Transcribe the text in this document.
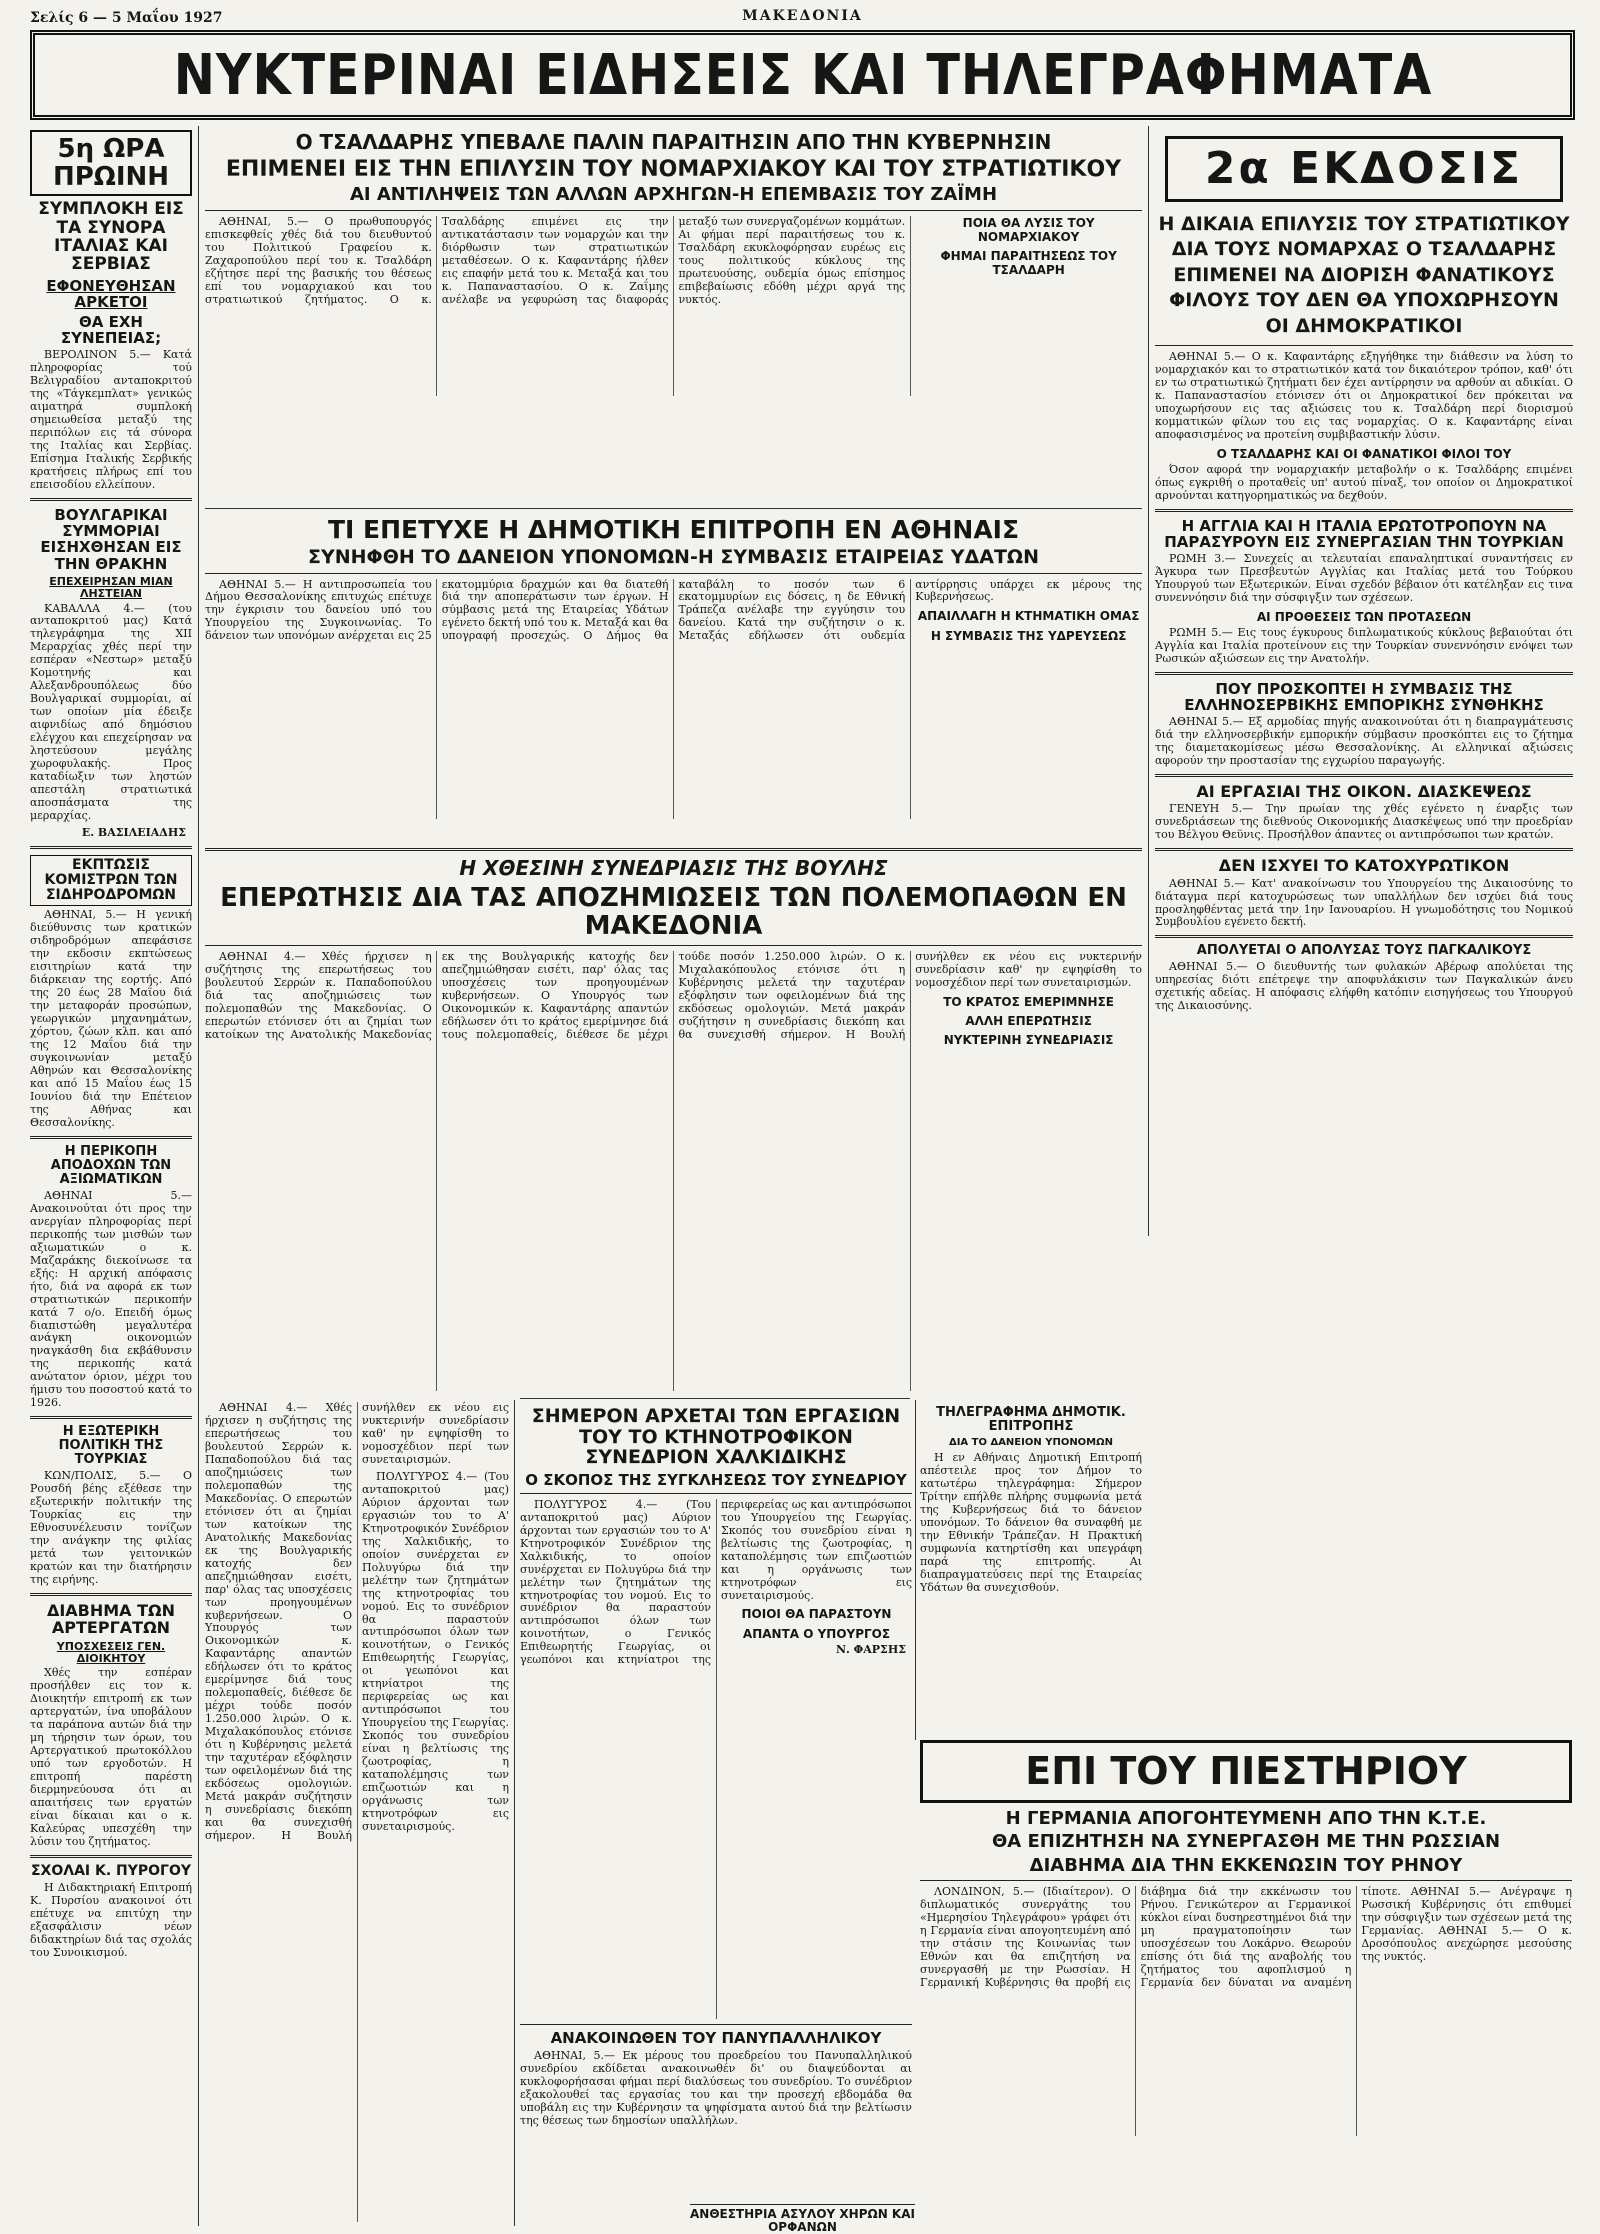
Σελίς 6 — 5 Μαΐου 1927	ΜΑΚΕΔΟΝΙΑ
ΝΥΚΤΕΡΙΝΑΙ ΕΙΔΗΣΕΙΣ ΚΑΙ ΤΗΛΕΓΡΑΦΗΜΑΤΑ
5η ΩΡΑ ΠΡΩΙΝΗ
ΣΥΜΠΛΟΚΗ ΕΙΣ ΤΑ ΣΥΝΟΡΑ ΙΤΑΛΙΑΣ ΚΑΙ ΣΕΡΒΙΑΣ
ΕΦΟΝΕΥΘΗΣΑΝ ΑΡΚΕΤΟΙ
ΘΑ ΕΧΗ ΣΥΝΕΠΕΙΑΣ;

ΒΕΡΟΛΙΝΟΝ 5.— Κατά πληροφορίας τού Βελιγραδίου ανταποκριτού της «Τάγκεμπλατ» γενικώς αιματηρά συμπλοκή σημειωθείσα μεταξύ της περιπόλων εις τά σύνορα της Ιταλίας και Σερβίας. Επίσημα Ιταλικής Σερβικής κρατήσεις πλήρως επί του επεισοδίου ελλείπουν.

ΒΟΥΛΓΑΡΙΚΑΙ ΣΥΜΜΟΡΙΑΙ ΕΙΣΗΧΘΗΣΑΝ ΕΙΣ ΤΗΝ ΘΡΑΚΗΝ
ΕΠΕΧΕΙΡΗΣΑΝ ΜΙΑΝ ΛΗΣΤΕΙΑΝ

ΚΑΒΑΛΛΑ 4.— (του ανταποκριτού μας) Κατά τηλεγράφημα της ΧΙΙ Μεραρχίας χθές περί την εσπέραν «Νεστωρ» μεταξύ Κομοτηνής και Αλεξανδρουπόλεως δύο Βουλγαρικαί συμμορίαι, αί των οποίων μία έδειξε αιφνιδίως από δημόσιου ελέγχου και επεχείρησαν να ληστεύσουν μεγάλης χωροφυλακής. Προς καταδίωξιν των ληστών απεστάλη στρατιωτικά αποσπάσματα της μεραρχίας.

Ε. ΒΑΣΙΛΕΙΑΔΗΣ
ΕΚΠΤΩΣΙΣ ΚΟΜΙΣΤΡΩΝ ΤΩΝ ΣΙΔΗΡΟΔΡΟΜΩΝ

ΑΘΗΝΑΙ, 5.— Η γενική διεύθυνσις των κρατικών σιδηροδρόμων απεφάσισε την εκδοσιν εκπτώσεως εισιτηρίων κατά την διάρκειαν της εορτής. Από της 20 έως 28 Μαΐου διά την μεταφοράν προσώπων, γεωργικών μηχανημάτων, χόρτου, ζώων κλπ. και από της 12 Μαΐου διά την συγκοινωνίαν μεταξύ Αθηνών και Θεσσαλονίκης και από 15 Μαΐου έως 15 Ιουνίου διά την Επέτειον της Αθήνας και Θεσσαλονίκης.

Η ΠΕΡΙΚΟΠΗ ΑΠΟΔΟΧΩΝ ΤΩΝ ΑΞΙΩΜΑΤΙΚΩΝ

ΑΘΗΝΑΙ 5.— Ανακοινούται ότι προς την ανεργίαν πληροφορίας περί περικοπής των μισθών των αξιωματικών ο κ. Μαζαράκης διεκοίνωσε τα εξής: Η αρχική απόφασις ήτο, διά να αφορά εκ των στρατιωτικών περικοπήν κατά 7 ο/ο. Επειδή όμως διαπιστώθη μεγαλυτέρα ανάγκη οικονομιών ηναγκάσθη δια εκβάθυνσιν της περικοπής κατά ανώτατον όριον, μέχρι του ήμισυ του ποσοστού κατά το 1926.

Η ΕΞΩΤΕΡΙΚΗ ΠΟΛΙΤΙΚΗ ΤΗΣ ΤΟΥΡΚΙΑΣ

ΚΩΝ/ΠΟΛΙΣ, 5.— Ο Ρουσδή βέης εξέθεσε την εξωτερικήν πολιτικήν της Τουρκίας εις την Εθνοσυνέλευσιν τονίζων την ανάγκην της φιλίας μετά των γειτονικών κρατών και την διατήρησιν της ειρήνης.

ΔΙΑΒΗΜΑ ΤΩΝ ΑΡΤΕΡΓΑΤΩΝ
ΥΠΟΣΧΕΣΕΙΣ ΓΕΝ. ΔΙΟΙΚΗΤΟΥ

Χθές την εσπέραν προσήλθεν εις τον κ. Διοικητήν επιτροπή εκ των αρτεργατών, ίνα υποβάλουν τα παράπονα αυτών διά την μη τήρησιν των όρων, του Αρτεργατικού πρωτοκόλλου υπό των εργοδοτών. Η επιτροπή παρέστη διερμηνεύουσα ότι αι απαιτήσεις των εργατών είναι δίκαιαι και ο κ. Καλεύρας υπεσχέθη την λύσιν του ζητήματος.

ΣΧΟΛΑΙ Κ. ΠΥΡΟΓΟΥ

Η Διδακτηριακή Επιτροπή Κ. Πυρσίου ανακοινοί ότι επέτυχε να επιτύχη την εξασφάλισιν νέων διδακτηρίων διά τας σχολάς του Συνοικισμού.

Ο ΤΣΑΛΔΑΡΗΣ ΥΠΕΒΑΛΕ ΠΑΛΙΝ ΠΑΡΑΙΤΗΣΙΝ ΑΠΟ ΤΗΝ ΚΥΒΕΡΝΗΣΙΝ
ΕΠΙΜΕΝΕΙ ΕΙΣ ΤΗΝ ΕΠΙΛΥΣΙΝ ΤΟΥ ΝΟΜΑΡΧΙΑΚΟΥ ΚΑΙ ΤΟΥ ΣΤΡΑΤΙΩΤΙΚΟΥ
ΑΙ ΑΝΤΙΛΗΨΕΙΣ ΤΩΝ ΑΛΛΩΝ ΑΡΧΗΓΩΝ-Η ΕΠΕΜΒΑΣΙΣ ΤΟΥ ΖΑΪΜΗ

ΑΘΗΝΑΙ, 5.— Ο πρωθυπουργός επισκεφθείς χθές διά του διευθυντού του Πολιτικού Γραφείου κ. Ζαχαροπούλου περί του κ. Τσαλδάρη εζήτησε περί της βασικής του θέσεως επί του νομαρχιακού και του στρατιωτικού ζητήματος. Ο κ. Τσαλδάρης επιμένει εις την αντικατάστασιν των νομαρχών και την διόρθωσιν των στρατιωτικών μεταθέσεων. Ο κ. Καφαντάρης ήλθεν εις επαφήν μετά του κ. Μεταξά και του κ. Παπαναστασίου. Ο κ. Ζαΐμης ανέλαβε να γεφυρώση τας διαφοράς μεταξύ των συνεργαζομένων κομμάτων. Αι φήμαι περί παραιτήσεως του κ. Τσαλδάρη εκυκλοφόρησαν ευρέως εις τους πολιτικούς κύκλους της πρωτευούσης, ουδεμία όμως επίσημος επιβεβαίωσις εδόθη μέχρι αργά της νυκτός.

ΠΟΙΑ ΘΑ ΛΥΣΙΣ ΤΟΥ ΝΟΜΑΡΧΙΑΚΟΥ
ΦΗΜΑΙ ΠΑΡΑΙΤΗΣΕΩΣ ΤΟΥ ΤΣΑΛΔΑΡΗ
ΤΙ ΕΠΕΤΥΧΕ Η ΔΗΜΟΤΙΚΗ ΕΠΙΤΡΟΠΗ ΕΝ ΑΘΗΝΑΙΣ
ΣΥΝΗΦΘΗ ΤΟ ΔΑΝΕΙΟΝ ΥΠΟΝΟΜΩΝ-Η ΣΥΜΒΑΣΙΣ ΕΤΑΙΡΕΙΑΣ ΥΔΑΤΩΝ

ΑΘΗΝΑΙ 5.— Η αντιπροσωπεία του Δήμου Θεσσαλονίκης επιτυχώς επέτυχε την έγκρισιν του δανείου υπό του Υπουργείου της Συγκοινωνίας. Το δάνειον των υπονόμων ανέρχεται εις 25 εκατομμύρια δραχμών και θα διατεθή διά την αποπεράτωσιν των έργων. Η σύμβασις μετά της Εταιρείας Υδάτων εγένετο δεκτή υπό του κ. Μεταξά και θα υπογραφή προσεχώς. Ο Δήμος θα καταβάλη το ποσόν των 6 εκατομμυρίων εις δόσεις, η δε Εθνική Τράπεζα ανέλαβε την εγγύησιν του δανείου. Κατά την συζήτησιν ο κ. Μεταξάς εδήλωσεν ότι ουδεμία αντίρρησις υπάρχει εκ μέρους της Κυβερνήσεως.

ΑΠΑΙΛΛΑΓΗ Η ΚΤΗΜΑΤΙΚΗ ΟΜΑΣ
Η ΣΥΜΒΑΣΙΣ ΤΗΣ ΥΔΡΕΥΣΕΩΣ
Η ΧΘΕΣΙΝΗ ΣΥΝΕΔΡΙΑΣΙΣ ΤΗΣ ΒΟΥΛΗΣ
ΕΠΕΡΩΤΗΣΙΣ ΔΙΑ ΤΑΣ ΑΠΟΖΗΜΙΩΣΕΙΣ ΤΩΝ ΠΟΛΕΜΟΠΑΘΩΝ ΕΝ ΜΑΚΕΔΟΝΙΑ

ΑΘΗΝΑΙ 4.— Χθές ήρχισεν η συζήτησις της επερωτήσεως του βουλευτού Σερρών κ. Παπαδοπούλου διά τας αποζημιώσεις των πολεμοπαθών της Μακεδονίας. Ο επερωτών ετόνισεν ότι αι ζημίαι των κατοίκων της Ανατολικής Μακεδονίας εκ της Βουλγαρικής κατοχής δεν απεζημιώθησαν εισέτι, παρ' όλας τας υποσχέσεις των προηγουμένων κυβερνήσεων. Ο Υπουργός των Οικονομικών κ. Καφαντάρης απαντών εδήλωσεν ότι το κράτος εμερίμνησε διά τους πολεμοπαθείς, διέθεσε δε μέχρι τούδε ποσόν 1.250.000 λιρών. Ο κ. Μιχαλακόπουλος ετόνισε ότι η Κυβέρνησις μελετά την ταχυτέραν εξόφλησιν των οφειλομένων διά της εκδόσεως ομολογιών. Μετά μακράν συζήτησιν η συνεδρίασις διεκόπη και θα συνεχισθή σήμερον. Η Βουλή συνήλθεν εκ νέου εις νυκτερινήν συνεδρίασιν καθ' ην εψηφίσθη το νομοσχέδιον περί των συνεταιρισμών.

ΤΟ ΚΡΑΤΟΣ ΕΜΕΡΙΜΝΗΣΕ
ΑΛΛΗ ΕΠΕΡΩΤΗΣΙΣ
ΝΥΚΤΕΡΙΝΗ ΣΥΝΕΔΡΙΑΣΙΣ
ΣΗΜΕΡΟΝ ΑΡΧΕΤΑΙ ΤΩΝ ΕΡΓΑΣΙΩΝ ΤΟΥ ΤΟ ΚΤΗΝΟΤΡΟΦΙΚΟΝ ΣΥΝΕΔΡΙΟΝ ΧΑΛΚΙΔΙΚΗΣ
Ο ΣΚΟΠΟΣ ΤΗΣ ΣΥΓΚΛΗΣΕΩΣ ΤΟΥ ΣΥΝΕΔΡΙΟΥ

ΠΟΛΥΓΥΡΟΣ 4.— (Του ανταποκριτού μας) Αύριον άρχονται των εργασιών του το Α' Κτηνοτροφικόν Συνέδριον της Χαλκιδικής, το οποίον συνέρχεται εν Πολυγύρω διά την μελέτην των ζητημάτων της κτηνοτροφίας του νομού. Εις το συνέδριον θα παραστούν αντιπρόσωποι όλων των κοινοτήτων, ο Γενικός Επιθεωρητής Γεωργίας, οι γεωπόνοι και κτηνίατροι της περιφερείας ως και αντιπρόσωποι του Υπουργείου της Γεωργίας. Σκοπός του συνεδρίου είναι η βελτίωσις της ζωοτροφίας, η καταπολέμησις των επιζωοτιών και η οργάνωσις των κτηνοτρόφων εις συνεταιρισμούς.

ΠΟΙΟΙ ΘΑ ΠΑΡΑΣΤΟΥΝ
ΑΠΑΝΤΑ Ο ΥΠΟΥΡΓΟΣ
Ν. ΦΑΡΣΗΣ
ΑΝΑΚΟΙΝΩΘΕΝ ΤΟΥ ΠΑΝΥΠΑΛΛΗΛΙΚΟΥ

ΑΘΗΝΑΙ, 5.— Εκ μέρους του προεδρείου του Πανυπαλληλικού συνεδρίου εκδίδεται ανακοινωθέν δι' ου διαψεύδονται αι κυκλοφορήσασαι φήμαι περί διαλύσεως του συνεδρίου. Το συνέδριον εξακολουθεί τας εργασίας του και την προσεχή εβδομάδα θα υποβάλη εις την Κυβέρνησιν τα ψηφίσματα αυτού διά την βελτίωσιν της θέσεως των δημοσίων υπαλλήλων.

ΤΗΛΕΓΡΑΦΗΜΑ ΔΗΜΟΤΙΚ. ΕΠΙΤΡΟΠΗΣ
ΔΙΑ ΤΟ ΔΑΝΕΙΟΝ ΥΠΟΝΟΜΩΝ

Η εν Αθήναις Δημοτική Επιτροπή απέστειλε προς τον Δήμον το κατωτέρω τηλεγράφημα: Σήμερον Τρίτην επήλθε πλήρης συμφωνία μετά της Κυβερνήσεως διά το δάνειον υπονόμων. Το δάνειον θα συναφθή με την Εθνικήν Τράπεζαν. Η Πρακτική συμφωνία κατηρτίσθη και υπεγράφη παρά της επιτροπής. Αι διαπραγματεύσεις περί της Εταιρείας Υδάτων θα συνεχισθούν.

ΑΘΗΝΑΙ 4.— Χθές ήρχισεν η συζήτησις της επερωτήσεως του βουλευτού Σερρών κ. Παπαδοπούλου διά τας αποζημιώσεις των πολεμοπαθών της Μακεδονίας. Ο επερωτών ετόνισεν ότι αι ζημίαι των κατοίκων της Ανατολικής Μακεδονίας εκ της Βουλγαρικής κατοχής δεν απεζημιώθησαν εισέτι, παρ' όλας τας υποσχέσεις των προηγουμένων κυβερνήσεων. Ο Υπουργός των Οικονομικών κ. Καφαντάρης απαντών εδήλωσεν ότι το κράτος εμερίμνησε διά τους πολεμοπαθείς, διέθεσε δε μέχρι τούδε ποσόν 1.250.000 λιρών. Ο κ. Μιχαλακόπουλος ετόνισε ότι η Κυβέρνησις μελετά την ταχυτέραν εξόφλησιν των οφειλομένων διά της εκδόσεως ομολογιών. Μετά μακράν συζήτησιν η συνεδρίασις διεκόπη και θα συνεχισθή σήμερον. Η Βουλή συνήλθεν εκ νέου εις νυκτερινήν συνεδρίασιν καθ' ην εψηφίσθη το νομοσχέδιον περί των συνεταιρισμών.

ΠΟΛΥΓΥΡΟΣ 4.— (Του ανταποκριτού μας) Αύριον άρχονται των εργασιών του το Α' Κτηνοτροφικόν Συνέδριον της Χαλκιδικής, το οποίον συνέρχεται εν Πολυγύρω διά την μελέτην των ζητημάτων της κτηνοτροφίας του νομού. Εις το συνέδριον θα παραστούν αντιπρόσωποι όλων των κοινοτήτων, ο Γενικός Επιθεωρητής Γεωργίας, οι γεωπόνοι και κτηνίατροι της περιφερείας ως και αντιπρόσωποι του Υπουργείου της Γεωργίας. Σκοπός του συνεδρίου είναι η βελτίωσις της ζωοτροφίας, η καταπολέμησις των επιζωοτιών και η οργάνωσις των κτηνοτρόφων εις συνεταιρισμούς.

2α ΕΚΔΟΣΙΣ
Η ΔΙΚΑΙΑ ΕΠΙΛΥΣΙΣ ΤΟΥ ΣΤΡΑΤΙΩΤΙΚΟΥ ΔΙΑ ΤΟΥΣ ΝΟΜΑΡΧΑΣ Ο ΤΣΑΛΔΑΡΗΣ ΕΠΙΜΕΝΕΙ ΝΑ ΔΙΟΡΙΣΗ ΦΑΝΑΤΙΚΟΥΣ ΦΙΛΟΥΣ ΤΟΥ ΔΕΝ ΘΑ ΥΠΟΧΩΡΗΣΟΥΝ ΟΙ ΔΗΜΟΚΡΑΤΙΚΟΙ

ΑΘΗΝΑΙ 5.— Ο κ. Καφαντάρης εξηγήθηκε την διάθεσιν να λύση το νομαρχιακόν και το στρατιωτικόν κατά τον δικαιότερον τρόπον, καθ' ότι εν τω στρατιωτικώ ζητήματι δεν έχει αντίρρησιν να αρθούν αι αδικίαι. Ο κ. Παπαναστασίου ετόνισεν ότι οι Δημοκρατικοί δεν πρόκειται να υποχωρήσουν εις τας αξιώσεις του κ. Τσαλδάρη περί διορισμού κομματικών φίλων του εις τας νομαρχίας. Ο κ. Καφαντάρης είναι αποφασισμένος να προτείνη συμβιβαστικήν λύσιν.

Ο ΤΣΑΛΔΑΡΗΣ ΚΑΙ ΟΙ ΦΑΝΑΤΙΚΟΙ ΦΙΛΟΙ ΤΟΥ

Όσον αφορά την νομαρχιακήν μεταβολήν ο κ. Τσαλδάρης επιμένει όπως εγκριθή ο προταθείς υπ' αυτού πίναξ, τον οποίον οι Δημοκρατικοί αρνούνται κατηγορηματικώς να δεχθούν.

Η ΑΓΓΛΙΑ ΚΑΙ Η ΙΤΑΛΙΑ ΕΡΩΤΟΤΡΟΠΟΥΝ ΝΑ ΠΑΡΑΣΥΡΟΥΝ ΕΙΣ ΣΥΝΕΡΓΑΣΙΑΝ ΤΗΝ ΤΟΥΡΚΙΑΝ

ΡΩΜΗ 3.— Συνεχείς αι τελευταίαι επαναληπτικαί συναντήσεις εν Άγκυρα των Πρεσβευτών Αγγλίας και Ιταλίας μετά του Τούρκου Υπουργού των Εξωτερικών. Είναι σχεδόν βέβαιον ότι κατέληξαν εις τινα συνεννόησιν διά την σύσφιγξιν των σχέσεων.

ΑΙ ΠΡΟΘΕΣΕΙΣ ΤΩΝ ΠΡΟΤΑΣΕΩΝ

ΡΩΜΗ 5.— Εις τους έγκυρους διπλωματικούς κύκλους βεβαιούται ότι Αγγλία και Ιταλία προτείνουν εις την Τουρκίαν συνεννόησιν ενόψει των Ρωσικών αξιώσεων εις την Ανατολήν.

ΠΟΥ ΠΡΟΣΚΟΠΤΕΙ Η ΣΥΜΒΑΣΙΣ ΤΗΣ ΕΛΛΗΝΟΣΕΡΒΙΚΗΣ ΕΜΠΟΡΙΚΗΣ ΣΥΝΘΗΚΗΣ

ΑΘΗΝΑΙ 5.— Εξ αρμοδίας πηγής ανακοινούται ότι η διαπραγμάτευσις διά την ελληνοσερβικήν εμπορικήν σύμβασιν προσκόπτει εις το ζήτημα της διαμετακομίσεως μέσω Θεσσαλονίκης. Αι ελληνικαί αξιώσεις αφορούν την προστασίαν της εγχωρίου παραγωγής.

ΑΙ ΕΡΓΑΣΙΑΙ ΤΗΣ ΟΙΚΟΝ. ΔΙΑΣΚΕΨΕΩΣ

ΓΕΝΕΥΗ 5.— Την πρωίαν της χθές εγένετο η έναρξις των συνεδριάσεων της διεθνούς Οικονομικής Διασκέψεως υπό την προεδρίαν του Βέλγου Θεϋνις. Προσήλθον άπαντες οι αντιπρόσωποι των κρατών.

ΔΕΝ ΙΣΧΥΕΙ ΤΟ ΚΑΤΟΧΥΡΩΤΙΚΟΝ

ΑΘΗΝΑΙ 5.— Κατ' ανακοίνωσιν του Υπουργείου της Δικαιοσύνης το διάταγμα περί κατοχυρώσεως των υπαλλήλων δεν ισχύει διά τους προσληφθέντας μετά την 1ην Ιανουαρίου. Η γνωμοδότησις του Νομικού Συμβουλίου εγένετο δεκτή.

ΑΠΟΛΥΕΤΑΙ Ο ΑΠΟΛΥΣΑΣ ΤΟΥΣ ΠΑΓΚΑΛΙΚΟΥΣ

ΑΘΗΝΑΙ 5.— Ο διευθυντής των φυλακών Αβέρωφ απολύεται της υπηρεσίας διότι επέτρεψε την αποφυλάκισιν των Παγκαλικών άνευ σχετικής αδείας. Η απόφασις ελήφθη κατόπιν εισηγήσεως του Υπουργού της Δικαιοσύνης.

ΕΠΙ ΤΟΥ ΠΙΕΣΤΗΡΙΟΥ
Η ΓΕΡΜΑΝΙΑ ΑΠΟΓΟΗΤΕΥΜΕΝΗ ΑΠΟ ΤΗΝ Κ.Τ.Ε.
ΘΑ ΕΠΙΖΗΤΗΣΗ ΝΑ ΣΥΝΕΡΓΑΣΘΗ ΜΕ ΤΗΝ ΡΩΣΣΙΑΝ
ΔΙΑΒΗΜΑ ΔΙΑ ΤΗΝ ΕΚΚΕΝΩΣΙΝ ΤΟΥ ΡΗΝΟΥ

ΛΟΝΔΙΝΟΝ, 5.— (Ιδιαίτερον). Ο διπλωματικός συνεργάτης του «Ημερησίου Τηλεγράφου» γράφει ότι η Γερμανία είναι απογοητευμένη από την στάσιν της Κοινωνίας των Εθνών και θα επιζητήση να συνεργασθή με την Ρωσσίαν. Η Γερμανική Κυβέρνησις θα προβή εις διάβημα διά την εκκένωσιν του Ρήνου. Γενικώτερον αι Γερμανικοί κύκλοι είναι δυσηρεστημένοι διά την μη πραγματοποίησιν των υποσχέσεων του Λοκάρνο. Θεωρούν επίσης ότι διά της αναβολής του ζητήματος του αφοπλισμού η Γερμανία δεν δύναται να αναμένη τίποτε. ΑΘΗΝΑΙ 5.— Ανέγραψε η Ρωσσική Κυβέρνησις ότι επιθυμεί την σύσφιγξιν των σχέσεων μετά της Γερμανίας. ΑΘΗΝΑΙ 5.— Ο κ. Δροσόπουλος ανεχώρησε μεσούσης της νυκτός.

ΑΝΘΕΣΤΗΡΙΑ ΑΣΥΛΟΥ ΧΗΡΩΝ ΚΑΙ ΟΡΦΑΝΩΝ
